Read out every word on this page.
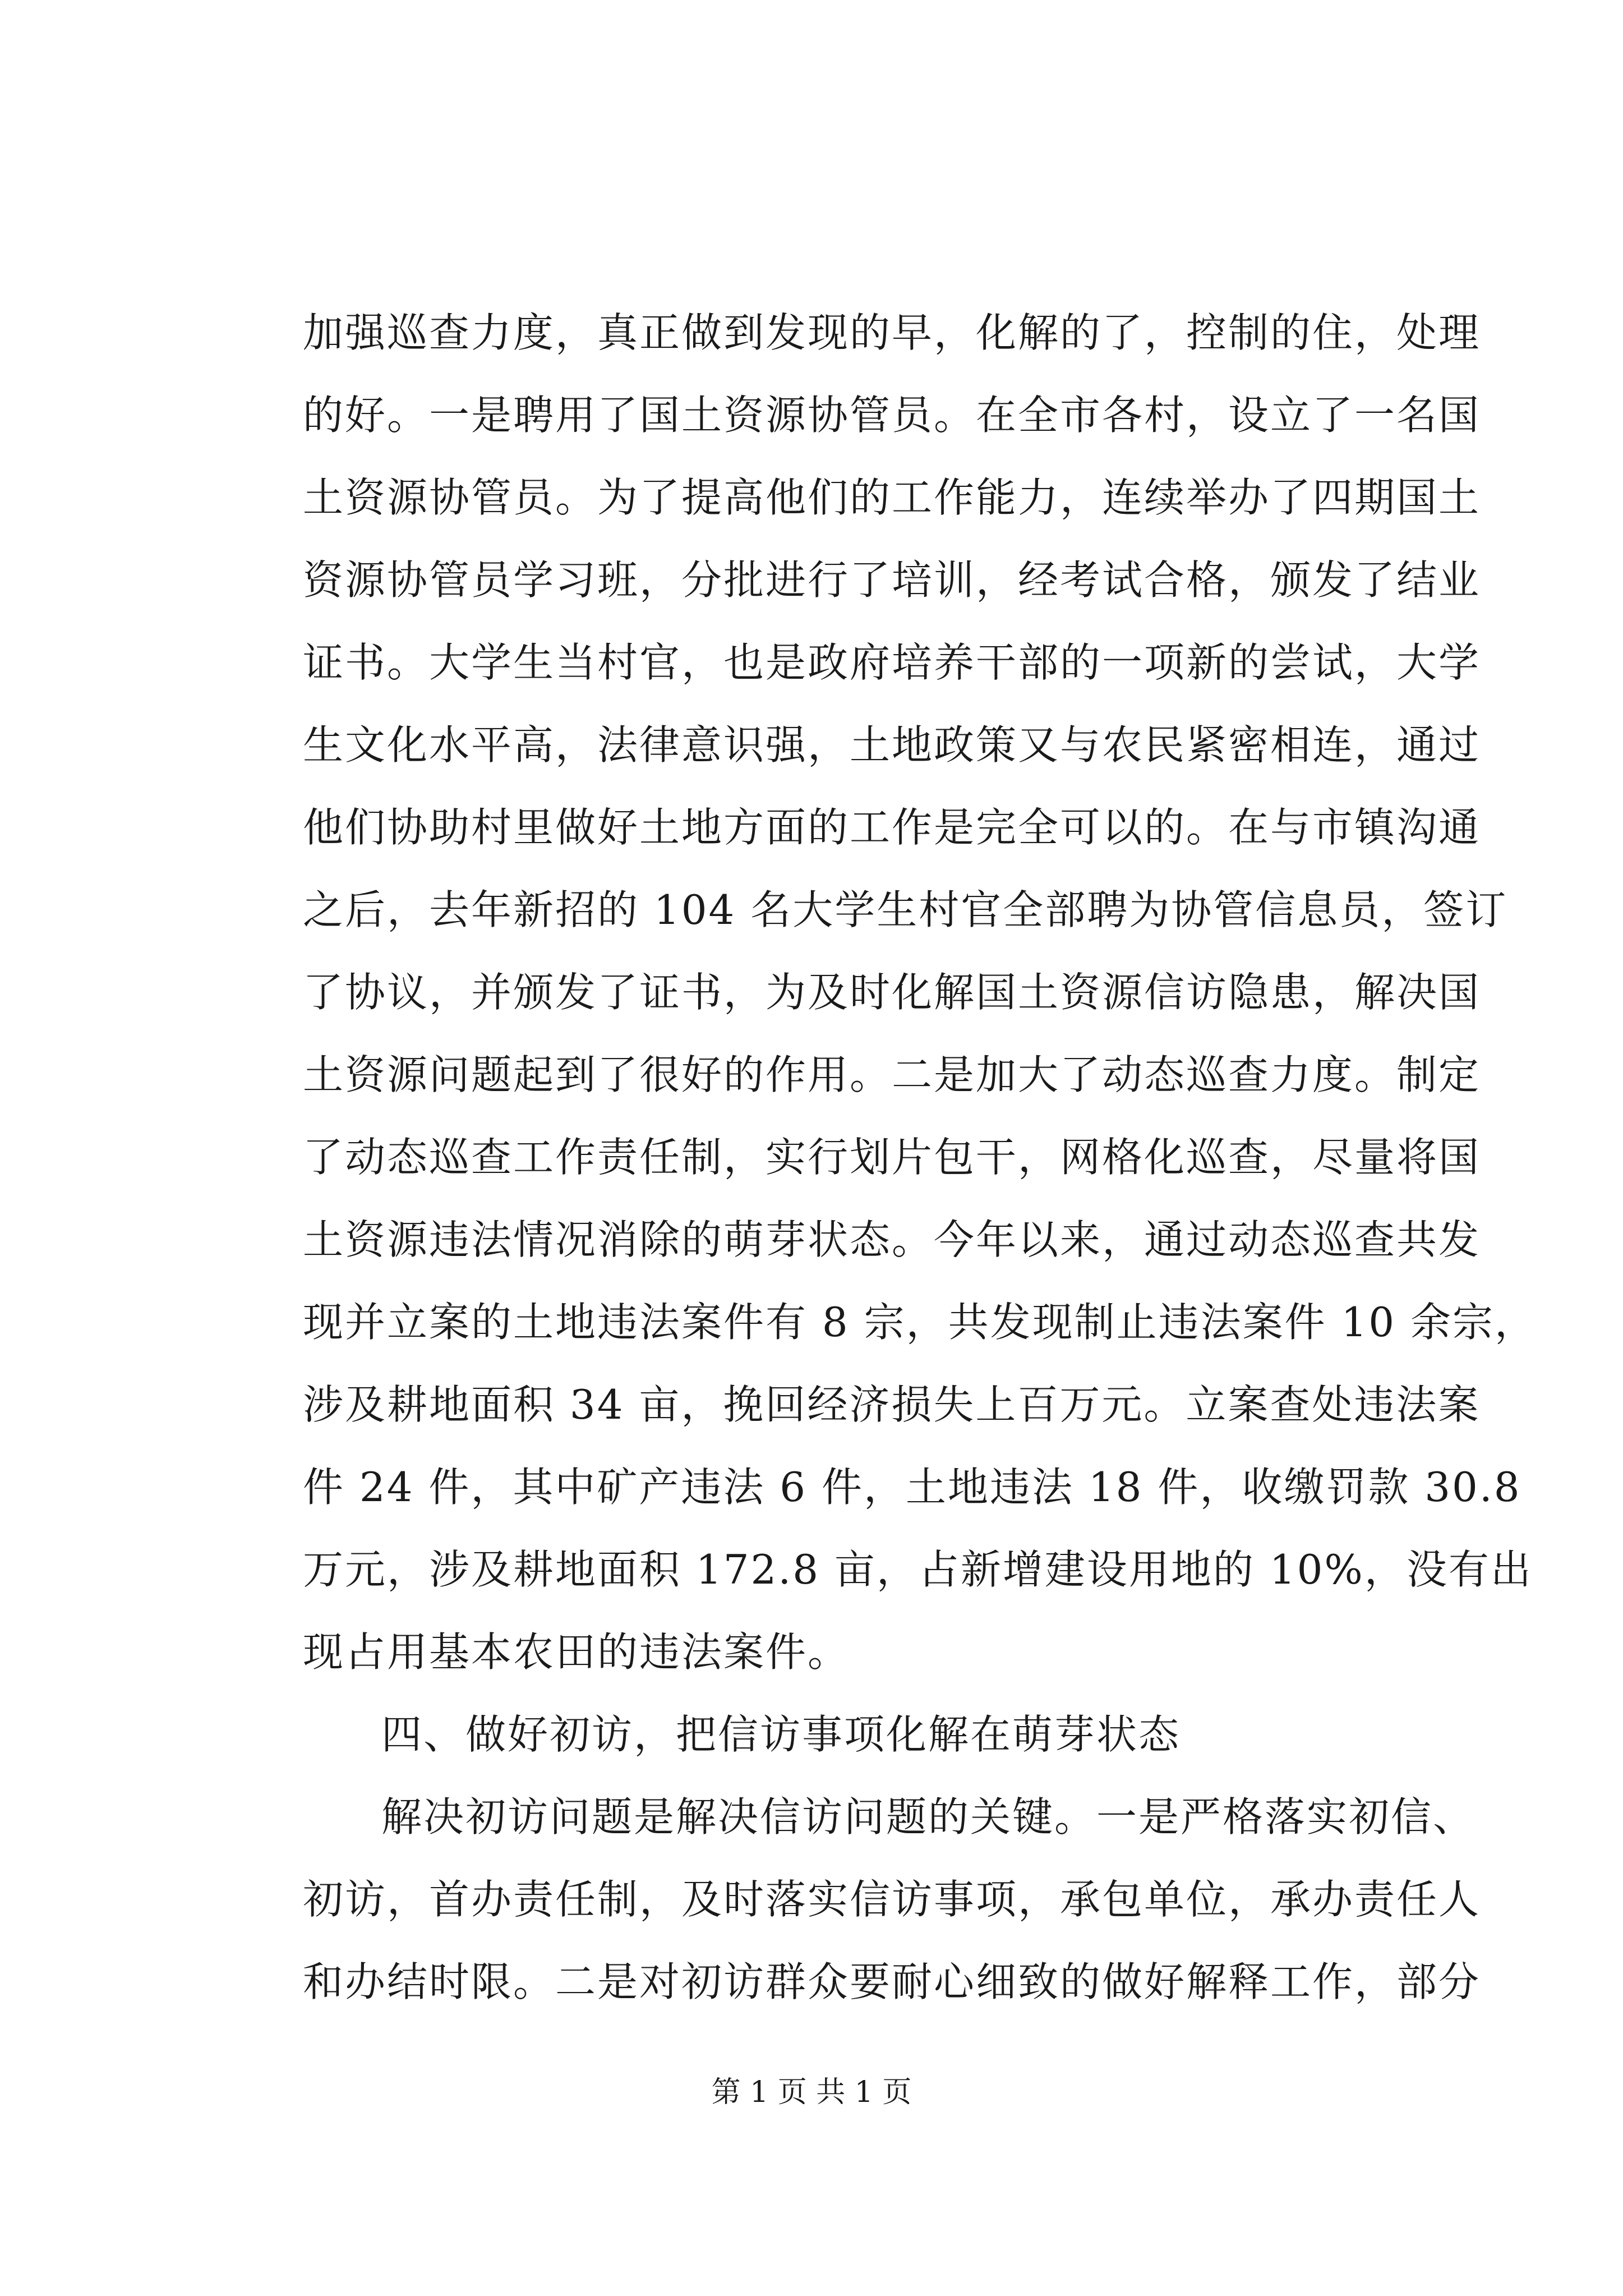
加强巡查力度，真正做到发现的早，化解的了，控制的住，处理
的好。一是聘用了国土资源协管员。在全市各村，设立了一名国
土资源协管员。为了提高他们的工作能力，连续举办了四期国土
资源协管员学习班，分批进行了培训，经考试合格，颁发了结业
证书。大学生当村官，也是政府培养干部的一项新的尝试，大学
生文化水平高，法律意识强，土地政策又与农民紧密相连，通过
他们协助村里做好土地方面的工作是完全可以的。在与市镇沟通
之后，去年新招的 104 名大学生村官全部聘为协管信息员，签订
了协议，并颁发了证书，为及时化解国土资源信访隐患，解决国
土资源问题起到了很好的作用。二是加大了动态巡查力度。制定
了动态巡查工作责任制，实行划片包干，网格化巡查，尽量将国
土资源违法情况消除的萌芽状态。今年以来，通过动态巡查共发
现并立案的土地违法案件有 8 宗，共发现制止违法案件 10 余宗，
涉及耕地面积 34 亩，挽回经济损失上百万元。立案查处违法案
件 24 件，其中矿产违法 6 件，土地违法 18 件，收缴罚款 30.8
万元，涉及耕地面积 172.8 亩，占新增建设用地的 10%，没有出
现占用基本农田的违法案件。
四、做好初访，把信访事项化解在萌芽状态
解决初访问题是解决信访问题的关键。一是严格落实初信、
初访，首办责任制，及时落实信访事项，承包单位，承办责任人
和办结时限。二是对初访群众要耐心细致的做好解释工作，部分
第 1 页 共 1 页
